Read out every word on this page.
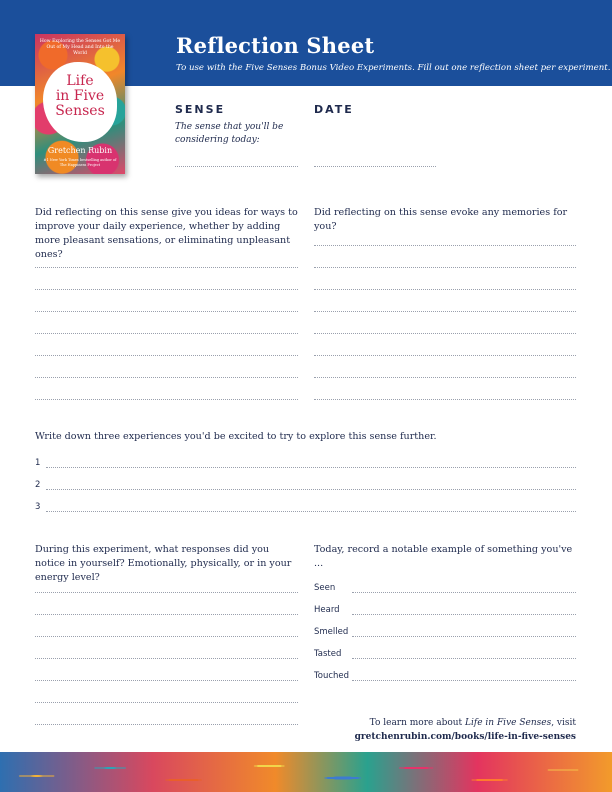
Reflection Sheet
To use with the Five Senses Bonus Video Experiments. Fill out one reflection sheet per experiment.
How Exploring the Senses Got Me Out of My Head and Into the World
Life
in Five
Senses
Gretchen Rubin
#1 New York Times bestselling author of The Happiness Project
SENSE
The sense that you'll be considering today:
DATE
Did reflecting on this sense give you ideas for ways to improve your daily experience, whether by adding more pleasant sensations, or eliminating unpleasant ones?
Did reflecting on this sense evoke any memories for you?
Write down three experiences you'd be excited to try to explore this sense further.
1
2
3
During this experiment, what responses did you notice in yourself? Emotionally, physically, or in your energy level?
Today, record a notable example of something you've ...
Seen
Heard
Smelled
Tasted
Touched
To learn more about Life in Five Senses, visit
gretchenrubin.com/books/life-in-five-senses
